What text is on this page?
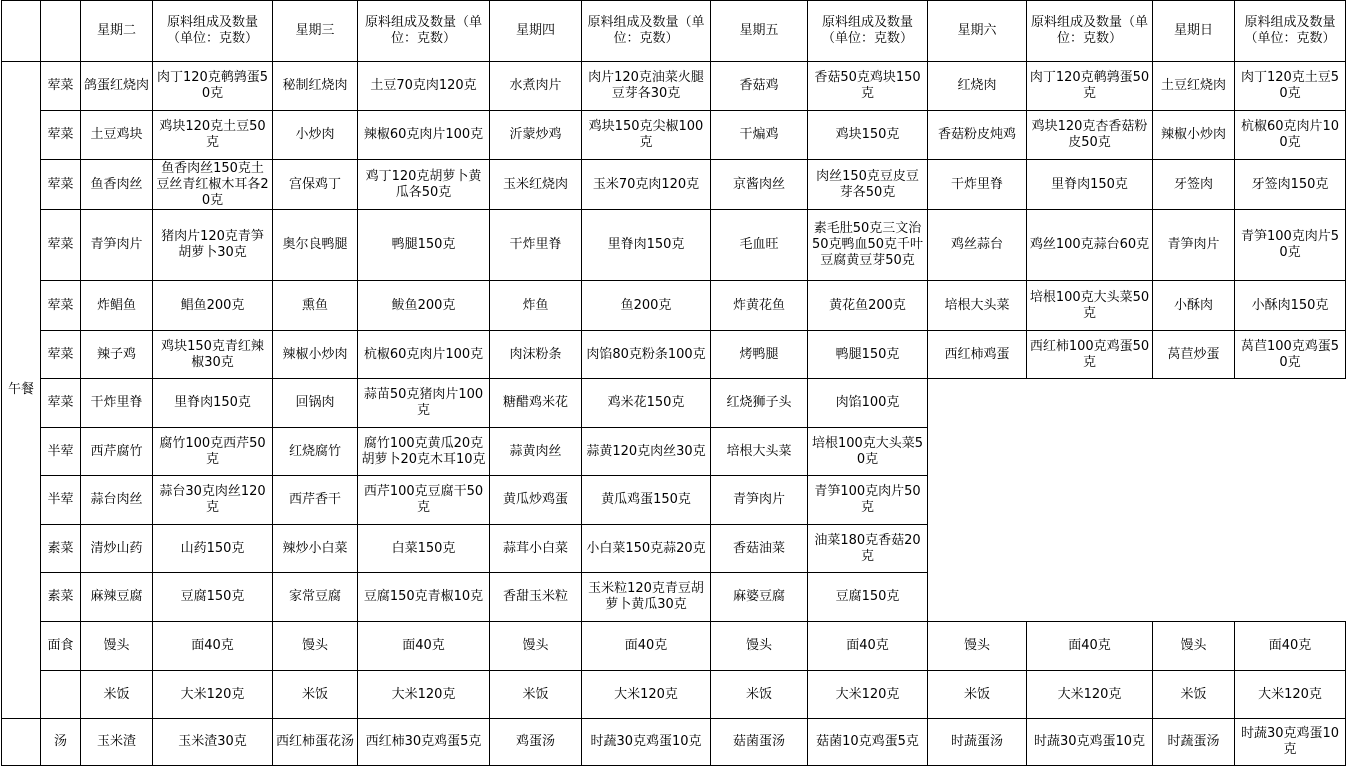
		星期二	原料组成及数量（单位：克数）	星期三	原料组成及数量（单位：克数）	星期四	原料组成及数量（单位：克数）	星期五	原料组成及数量（单位：克数）	星期六	原料组成及数量（单位：克数）	星期日	原料组成及数量（单位：克数）
午餐	荤菜	鸽蛋红烧肉	肉丁120克鹌鹑蛋50克	秘制红烧肉	土豆70克肉120克	水煮肉片	肉片120克油菜火腿豆芽各30克	香菇鸡	香菇50克鸡块150克	红烧肉	肉丁120克鹌鹑蛋50克	土豆红烧肉	肉丁120克土豆50克
	荤菜	土豆鸡块	鸡块120克土豆50克	小炒肉	辣椒60克肉片100克	沂蒙炒鸡	鸡块150克尖椒100克	干煸鸡	鸡块150克	香菇粉皮炖鸡	鸡块120克杏香菇粉皮50克	辣椒小炒肉	杭椒60克肉片100克
	荤菜	鱼香肉丝	鱼香肉丝150克土豆丝青红椒木耳各20克	宫保鸡丁	鸡丁120克胡萝卜黄瓜各50克	玉米红烧肉	玉米70克肉120克	京酱肉丝	肉丝150克豆皮豆芽各50克	干炸里脊	里脊肉150克	牙签肉	牙签肉150克
	荤菜	青笋肉片	猪肉片120克青笋胡萝卜30克	奥尔良鸭腿	鸭腿150克	干炸里脊	里脊肉150克	毛血旺	素毛肚50克三文治50克鸭血50克千叶豆腐黄豆芽50克	鸡丝蒜台	鸡丝100克蒜台60克	青笋肉片	青笋100克肉片50克
	荤菜	炸鲳鱼	鲳鱼200克	熏鱼	鲅鱼200克	炸鱼	鱼200克	炸黄花鱼	黄花鱼200克	培根大头菜	培根100克大头菜50克	小酥肉	小酥肉150克
	荤菜	辣子鸡	鸡块150克青红辣椒30克	辣椒小炒肉	杭椒60克肉片100克	肉沫粉条	肉馅80克粉条100克	烤鸭腿	鸭腿150克	西红柿鸡蛋	西红柿100克鸡蛋50克	莴苣炒蛋	莴苣100克鸡蛋50克
	荤菜	干炸里脊	里脊肉150克	回锅肉	蒜苗50克猪肉片100克	糖醋鸡米花	鸡米花150克	红烧狮子头	肉馅100克				
	半荤	西芹腐竹	腐竹100克西芹50克	红烧腐竹	腐竹100克黄瓜20克胡萝卜20克木耳10克	蒜黄肉丝	蒜黄120克肉丝30克	培根大头菜	培根100克大头菜50克				
	半荤	蒜台肉丝	蒜台30克肉丝120克	西芹香干	西芹100克豆腐干50克	黄瓜炒鸡蛋	黄瓜鸡蛋150克	青笋肉片	青笋100克肉片50克				
	素菜	清炒山药	山药150克	辣炒小白菜	白菜150克	蒜茸小白菜	小白菜150克蒜20克	香菇油菜	油菜180克香菇20克				
	素菜	麻辣豆腐	豆腐150克	家常豆腐	豆腐150克青椒10克	香甜玉米粒	玉米粒120克青豆胡萝卜黄瓜30克	麻婆豆腐	豆腐150克				
	面食	馒头	面40克	馒头	面40克	馒头	面40克	馒头	面40克	馒头	面40克	馒头	面40克
		米饭	大米120克	米饭	大米120克	米饭	大米120克	米饭	大米120克	米饭	大米120克	米饭	大米120克
	汤	玉米渣	玉米渣30克	西红柿蛋花汤	西红柿30克鸡蛋5克	鸡蛋汤	时蔬30克鸡蛋10克	菇菌蛋汤	菇菌10克鸡蛋5克	时蔬蛋汤	时蔬30克鸡蛋10克	时蔬蛋汤	时蔬30克鸡蛋10克
